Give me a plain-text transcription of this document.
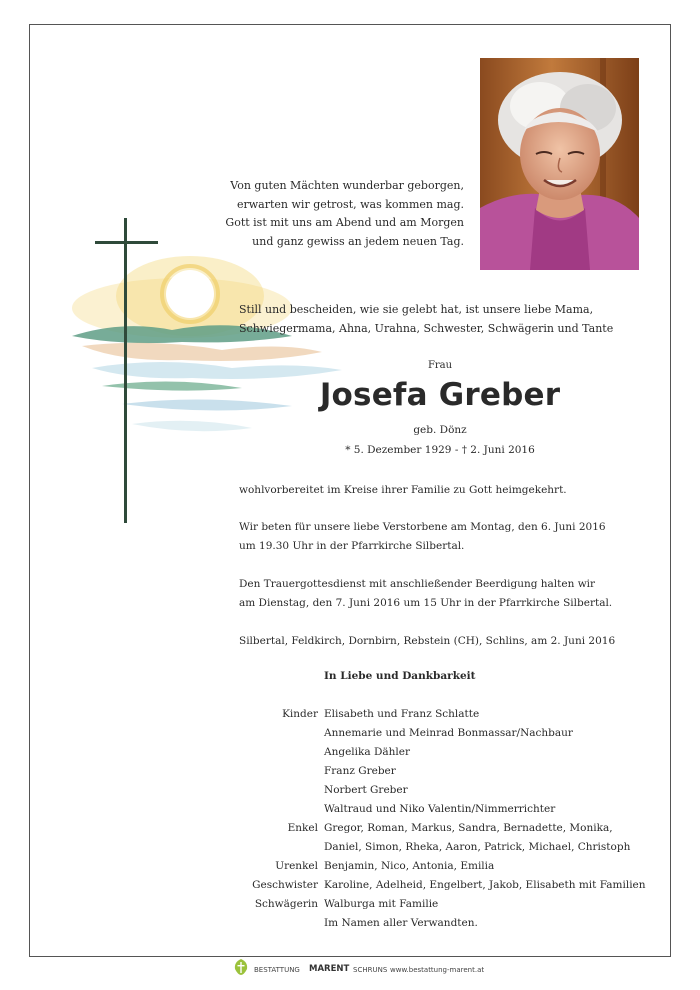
Von guten Mächten wunderbar geborgen,
erwarten wir getrost, was kommen mag.
Gott ist mit uns am Abend und am Morgen
und ganz gewiss an jedem neuen Tag.
Still und bescheiden, wie sie gelebt hat, ist unsere liebe Mama,
Schwiegermama, Ahna, Urahna, Schwester, Schwägerin und Tante
Frau
Josefa Greber
geb. Dönz
* 5. Dezember 1929 - † 2. Juni 2016
wohlvorbereitet im Kreise ihrer Familie zu Gott heimgekehrt.
Wir beten für unsere liebe Verstorbene am Montag, den 6. Juni 2016
um 19.30 Uhr in der Pfarrkirche Silbertal.
Den Trauergottesdienst mit anschließender Beerdigung halten wir
am Dienstag, den 7. Juni 2016 um 15 Uhr in der Pfarrkirche Silbertal.
Silbertal, Feldkirch, Dornbirn, Rebstein (CH), Schlins, am 2. Juni 2016
In Liebe und Dankbarkeit
Kinder Elisabeth und Franz Schlatte
Annemarie und Meinrad Bonmassar/Nachbaur
Angelika Dähler
Franz Greber
Norbert Greber
Waltraud und Niko Valentin/Nimmerrichter
Enkel Gregor, Roman, Markus, Sandra, Bernadette, Monika,
Daniel, Simon, Rheka, Aaron, Patrick, Michael, Christoph
Urenkel Benjamin, Nico, Antonia, Emilia
Geschwister Karoline, Adelheid, Engelbert, Jakob, Elisabeth mit Familien
Schwägerin Walburga mit Familie
Im Namen aller Verwandten.
BESTATTUNG MARENT SCHRUNS www.bestattung-marent.at
